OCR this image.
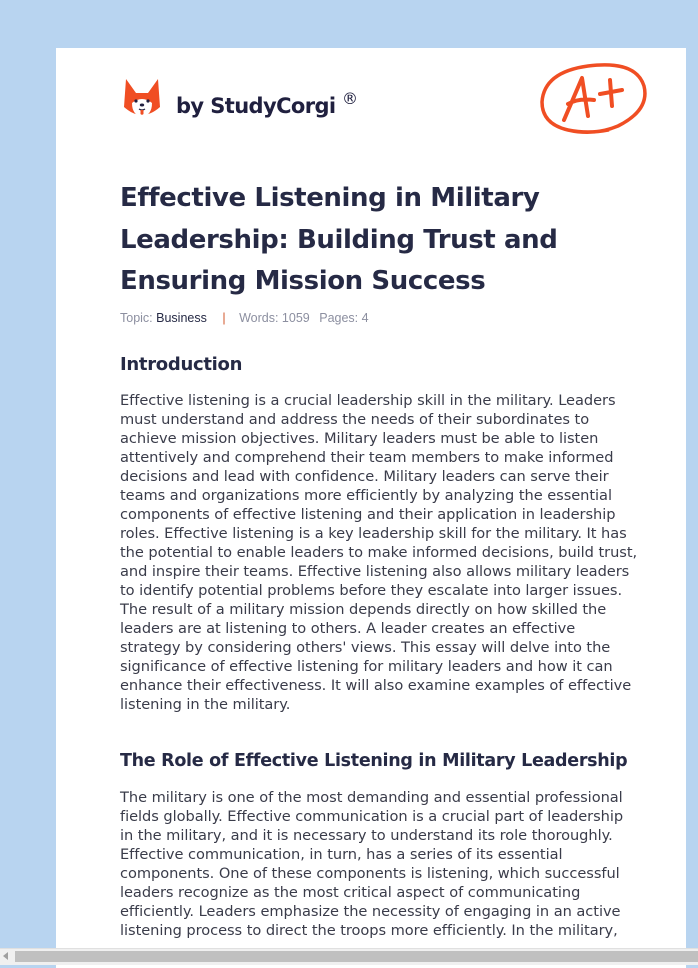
by StudyCorgi ®
Effective Listening in Military Leadership: Building Trust and Ensuring Mission Success
Topic: Business | Words: 1059 Pages: 4
Introduction

Effective listening is a crucial leadership skill in the military. Leaders must understand and address the needs of their subordinates to achieve mission objectives. Military leaders must be able to listen attentively and comprehend their team members to make informed decisions and lead with confidence. Military leaders can serve their teams and organizations more efficiently by analyzing the essential components of effective listening and their application in leadership roles. Effective listening is a key leadership skill for the military. It has the potential to enable leaders to make informed decisions, build trust, and inspire their teams. Effective listening also allows military leaders to identify potential problems before they escalate into larger issues. The result of a military mission depends directly on how skilled the leaders are at listening to others. A leader creates an effective strategy by considering others' views. This essay will delve into the significance of effective listening for military leaders and how it can enhance their effectiveness. It will also examine examples of effective listening in the military.

The Role of Effective Listening in Military Leadership

The military is one of the most demanding and essential professional fields globally. Effective communication is a crucial part of leadership in the military, and it is necessary to understand its role thoroughly. Effective communication, in turn, has a series of its essential components. One of these components is listening, which successful leaders recognize as the most critical aspect of communicating efficiently. Leaders emphasize the necessity of engaging in an active listening process to direct the troops more efficiently. In the military,
